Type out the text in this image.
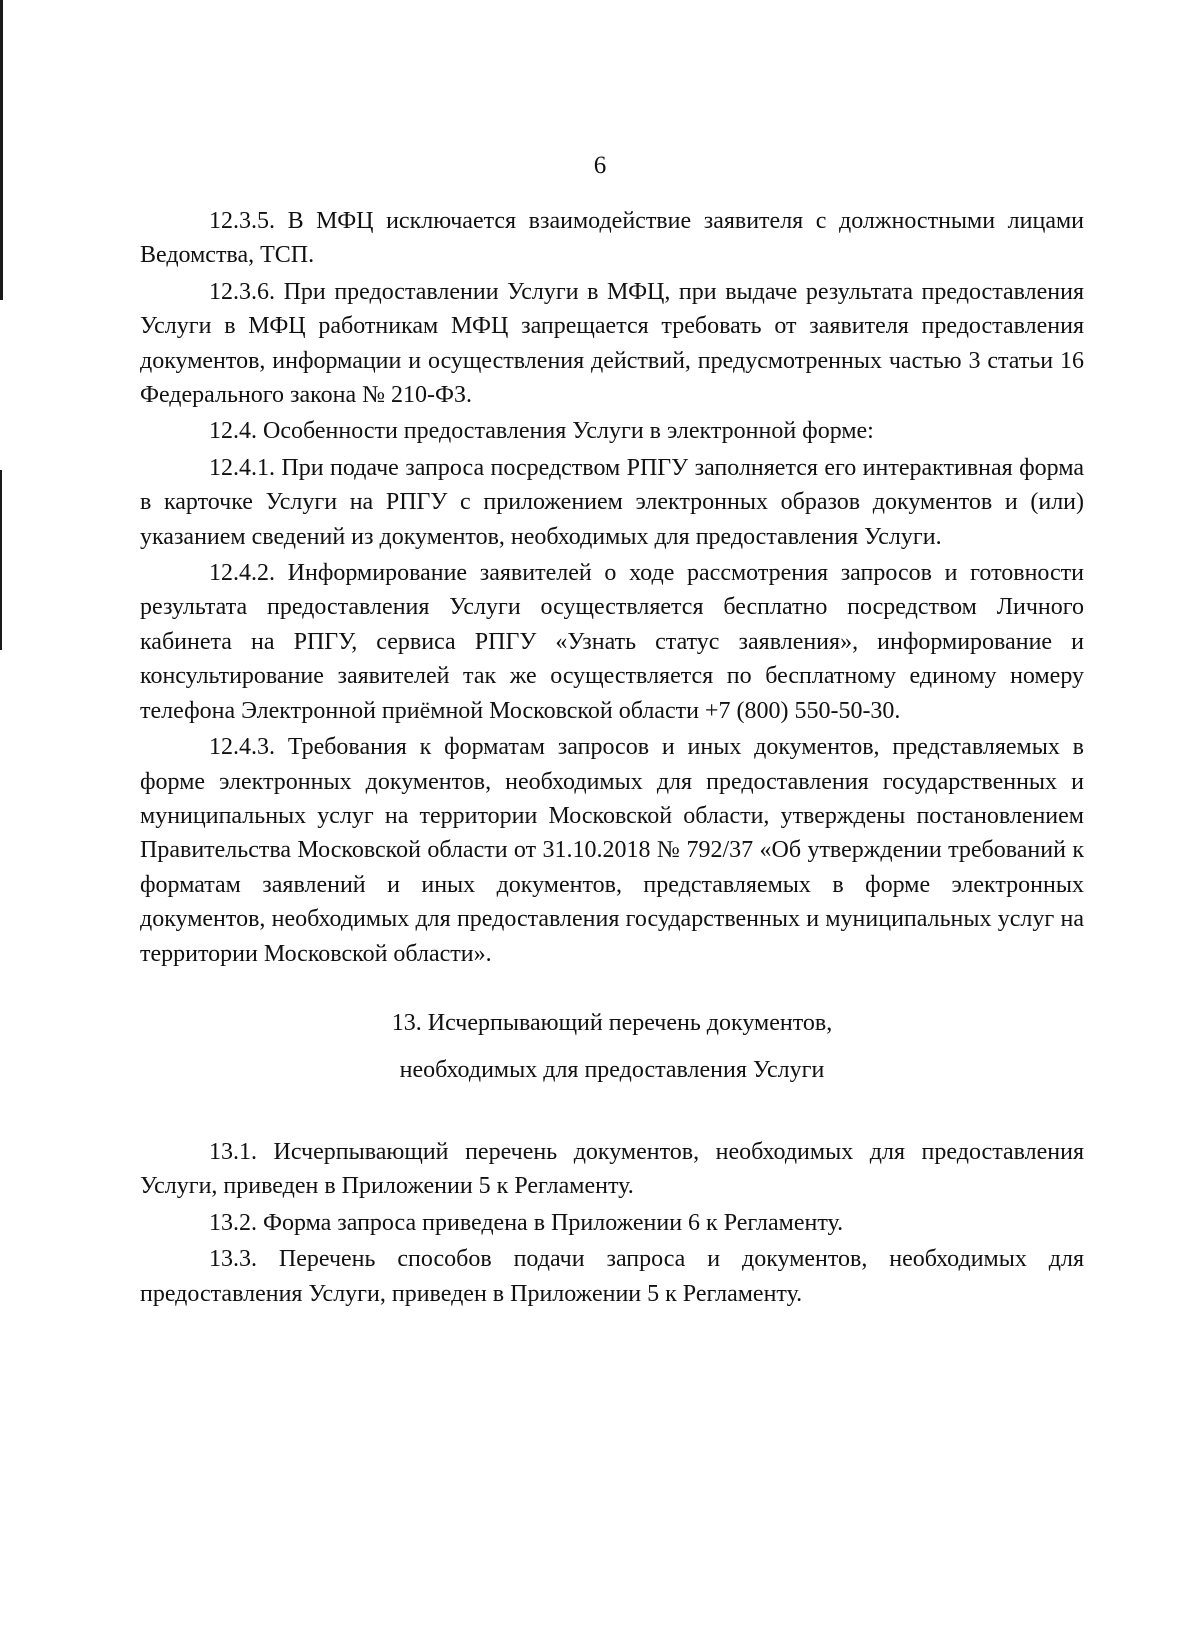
6

12.3.5. В МФЦ исключается взаимодействие заявителя с должностными лицами Ведомства, ТСП.

12.3.6. При предоставлении Услуги в МФЦ, при выдаче результата предоставления Услуги в МФЦ работникам МФЦ запрещается требовать от заявителя предоставления документов, информации и осуществления действий, предусмотренных частью 3 статьи 16 Федерального закона № 210-ФЗ.

12.4. Особенности предоставления Услуги в электронной форме:

12.4.1. При подаче запроса посредством РПГУ заполняется его интерактивная форма в карточке Услуги на РПГУ с приложением электронных образов документов и (или) указанием сведений из документов, необходимых для предоставления Услуги.

12.4.2. Информирование заявителей о ходе рассмотрения запросов и готовности результата предоставления Услуги осуществляется бесплатно посредством Личного кабинета на РПГУ, сервиса РПГУ «Узнать статус заявления», информирование и консультирование заявителей так же осуществляется по бесплатному единому номеру телефона Электронной приёмной Московской области +7 (800) 550-50-30.

12.4.3. Требования к форматам запросов и иных документов, представляемых в форме электронных документов, необходимых для предоставления государственных и муниципальных услуг на территории Московской области, утверждены постановлением Правительства Московской области от 31.10.2018 № 792/37 «Об утверждении требований к форматам заявлений и иных документов, представляемых в форме электронных документов, необходимых для предоставления государственных и муниципальных услуг на территории Московской области».

13. Исчерпывающий перечень документов,
необходимых для предоставления Услуги

13.1. Исчерпывающий перечень документов, необходимых для предоставления Услуги, приведен в Приложении 5 к Регламенту.

13.2. Форма запроса приведена в Приложении 6 к Регламенту.

13.3. Перечень способов подачи запроса и документов, необходимых для предоставления Услуги, приведен в Приложении 5 к Регламенту.
